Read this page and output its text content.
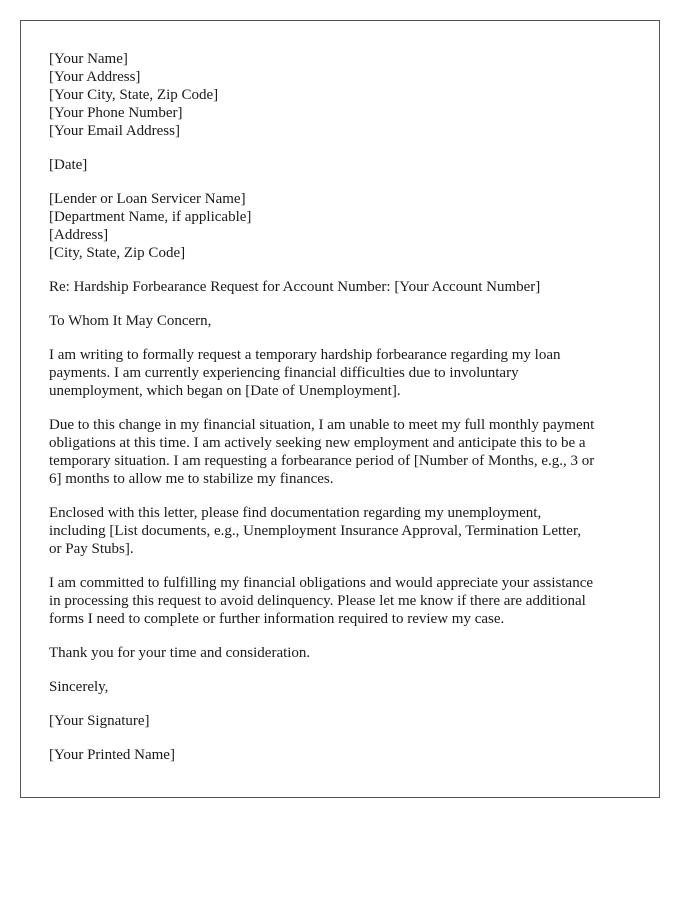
[Your Name]
[Your Address]
[Your City, State, Zip Code]
[Your Phone Number]
[Your Email Address]
[Date]
[Lender or Loan Servicer Name]
[Department Name, if applicable]
[Address]
[City, State, Zip Code]
Re: Hardship Forbearance Request for Account Number: [Your Account Number]
To Whom It May Concern,
I am writing to formally request a temporary hardship forbearance regarding my loan
payments. I am currently experiencing financial difficulties due to involuntary
unemployment, which began on [Date of Unemployment].
Due to this change in my financial situation, I am unable to meet my full monthly payment
obligations at this time. I am actively seeking new employment and anticipate this to be a
temporary situation. I am requesting a forbearance period of [Number of Months, e.g., 3 or
6] months to allow me to stabilize my finances.
Enclosed with this letter, please find documentation regarding my unemployment,
including [List documents, e.g., Unemployment Insurance Approval, Termination Letter,
or Pay Stubs].
I am committed to fulfilling my financial obligations and would appreciate your assistance
in processing this request to avoid delinquency. Please let me know if there are additional
forms I need to complete or further information required to review my case.
Thank you for your time and consideration.
Sincerely,
[Your Signature]
[Your Printed Name]
